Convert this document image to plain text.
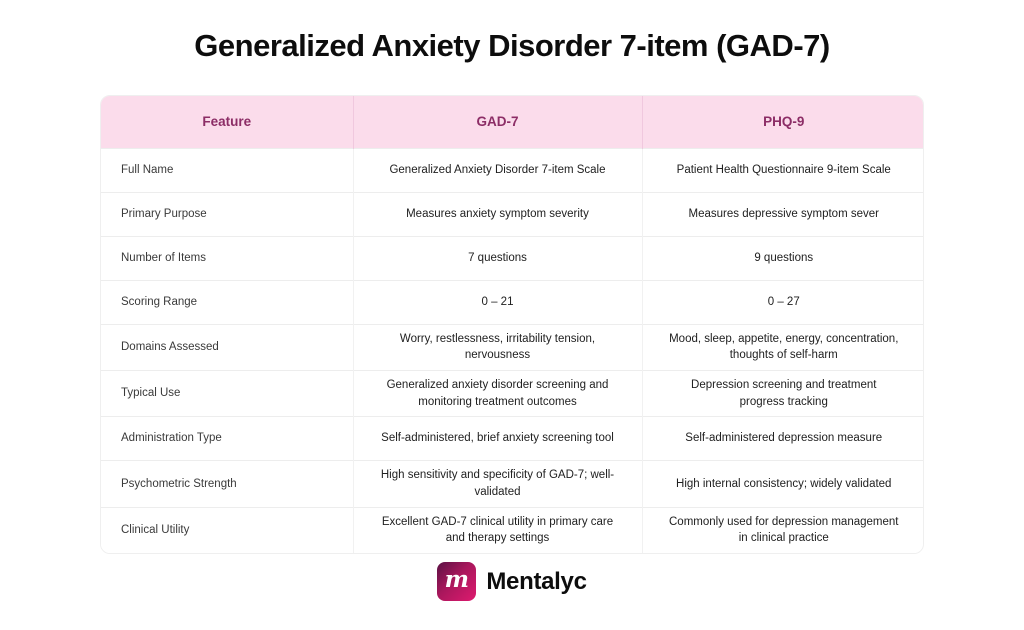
Generalized Anxiety Disorder 7-item (GAD-7)
Feature	GAD-7	PHQ-9
Full Name	Generalized Anxiety Disorder 7-item Scale	Patient Health Questionnaire 9-item Scale
Primary Purpose	Measures anxiety symptom severity	Measures depressive symptom sever
Number of Items	7 questions	9 questions
Scoring Range	0 – 21	0 – 27
Domains Assessed	Worry, restlessness, irritability tension, nervousness	Mood, sleep, appetite, energy, concentration, thoughts of self-harm
Typical Use	Generalized anxiety disorder screening and monitoring treatment outcomes	Depression screening and treatment progress tracking
Administration Type	Self-administered, brief anxiety screening tool	Self-administered depression measure
Psychometric Strength	High sensitivity and specificity of GAD-7; well-validated	High internal consistency; widely validated
Clinical Utility	Excellent GAD-7 clinical utility in primary care and therapy settings	Commonly used for depression management in clinical practice
m Mentalyc
